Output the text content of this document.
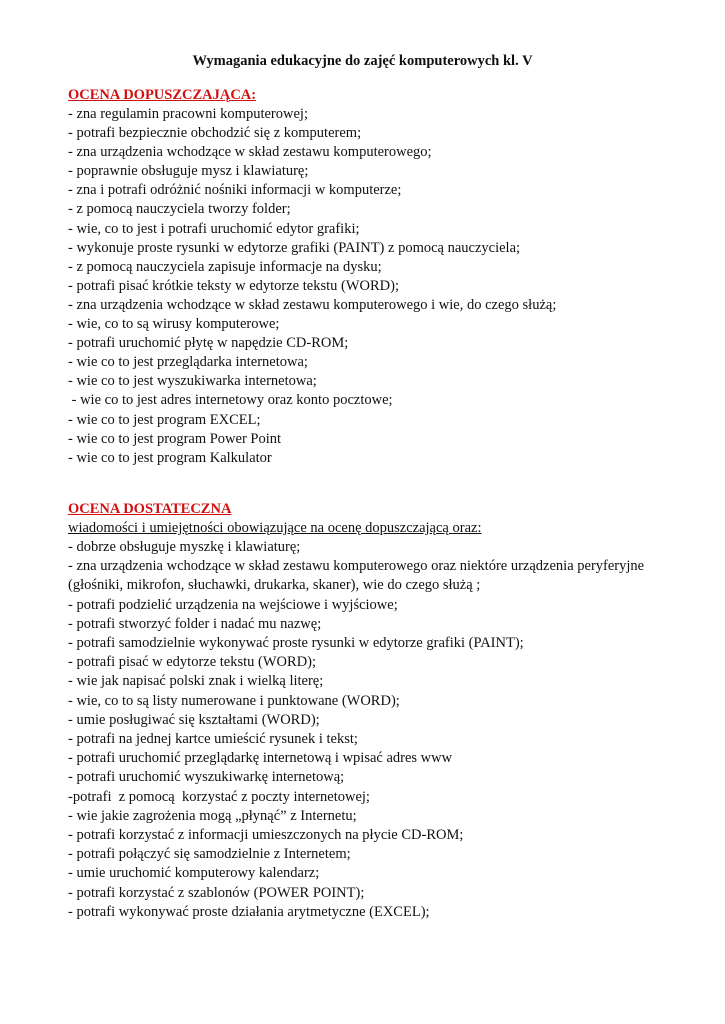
Wymagania edukacyjne do zajęć komputerowych kl. V
OCENA DOPUSZCZAJĄCA:
- zna regulamin pracowni komputerowej;
- potrafi bezpiecznie obchodzić się z komputerem;
- zna urządzenia wchodzące w skład zestawu komputerowego;
- poprawnie obsługuje mysz i klawiaturę;
- zna i potrafi odróżnić nośniki informacji w komputerze;
- z pomocą nauczyciela tworzy folder;
- wie, co to jest i potrafi uruchomić edytor grafiki;
- wykonuje proste rysunki w edytorze grafiki (PAINT) z pomocą nauczyciela;
- z pomocą nauczyciela zapisuje informacje na dysku;
- potrafi pisać krótkie teksty w edytorze tekstu (WORD);
- zna urządzenia wchodzące w skład zestawu komputerowego i wie, do czego służą;
- wie, co to są wirusy komputerowe;
- potrafi uruchomić płytę w napędzie CD-ROM;
- wie co to jest przeglądarka internetowa;
- wie co to jest wyszukiwarka internetowa;
- wie co to jest adres internetowy oraz konto pocztowe;
- wie co to jest program EXCEL;
- wie co to jest program Power Point
- wie co to jest program Kalkulator
OCENA DOSTATECZNA
wiadomości i umiejętności obowiązujące na ocenę dopuszczającą oraz:
- dobrze obsługuje myszkę i klawiaturę;
- zna urządzenia wchodzące w skład zestawu komputerowego oraz niektóre urządzenia peryferyjne
(głośniki, mikrofon, słuchawki, drukarka, skaner), wie do czego służą ;
- potrafi podzielić urządzenia na wejściowe i wyjściowe;
- potrafi stworzyć folder i nadać mu nazwę;
- potrafi samodzielnie wykonywać proste rysunki w edytorze grafiki (PAINT);
- potrafi pisać w edytorze tekstu (WORD);
- wie jak napisać polski znak i wielką literę;
- wie, co to są listy numerowane i punktowane (WORD);
- umie posługiwać się kształtami (WORD);
- potrafi na jednej kartce umieścić rysunek i tekst;
- potrafi uruchomić przeglądarkę internetową i wpisać adres www
- potrafi uruchomić wyszukiwarkę internetową;
-potrafi  z pomocą  korzystać z poczty internetowej;
- wie jakie zagrożenia mogą „płynąć” z Internetu;
- potrafi korzystać z informacji umieszczonych na płycie CD-ROM;
- potrafi połączyć się samodzielnie z Internetem;
- umie uruchomić komputerowy kalendarz;
- potrafi korzystać z szablonów (POWER POINT);
- potrafi wykonywać proste działania arytmetyczne (EXCEL);
